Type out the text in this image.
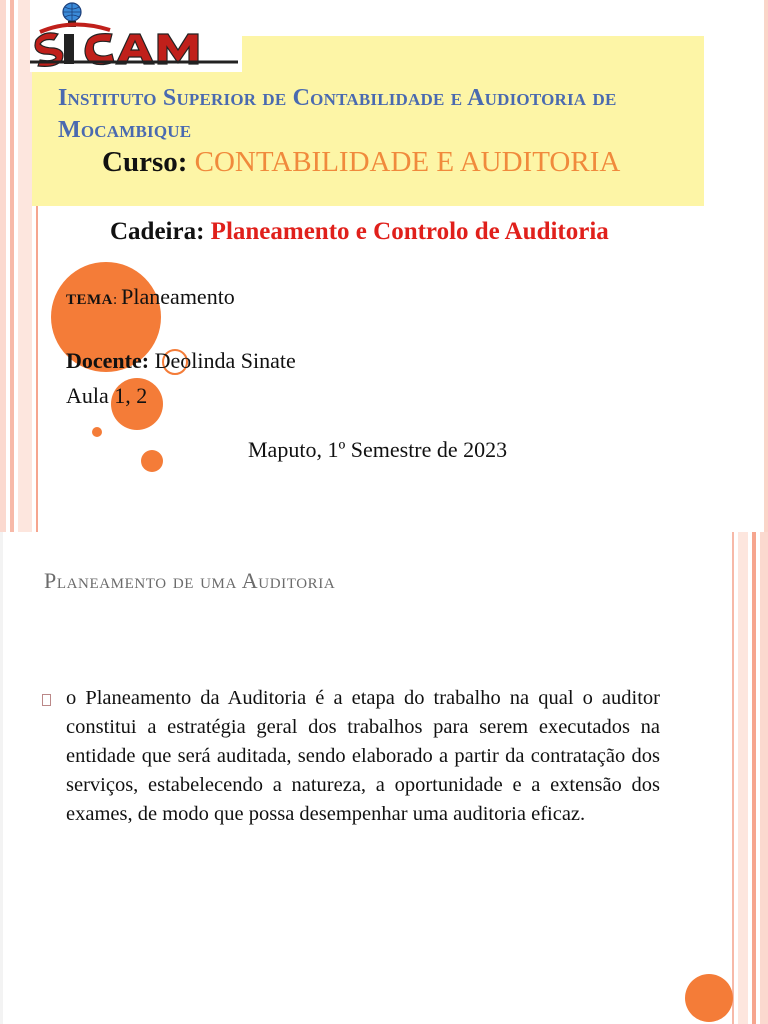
Instituto Superior de Contabilidade e Audiotoria de Mocambique
Curso: CONTABILIDADE E AUDITORIA
Cadeira: Planeamento e Controlo de Auditoria
TEMA: Planeamento
Docente: Deolinda Sinate
Aula 1, 2
Maputo, 1º Semestre de 2023
Planeamento de uma Auditoria
o Planeamento da Auditoria é a etapa do trabalho na qual o auditor constitui a estratégia geral dos trabalhos para serem executados na entidade que será auditada, sendo elaborado a partir da contratação dos serviços, estabelecendo a natureza, a oportunidade e a extensão dos exames, de modo que possa desempenhar uma auditoria eficaz.
